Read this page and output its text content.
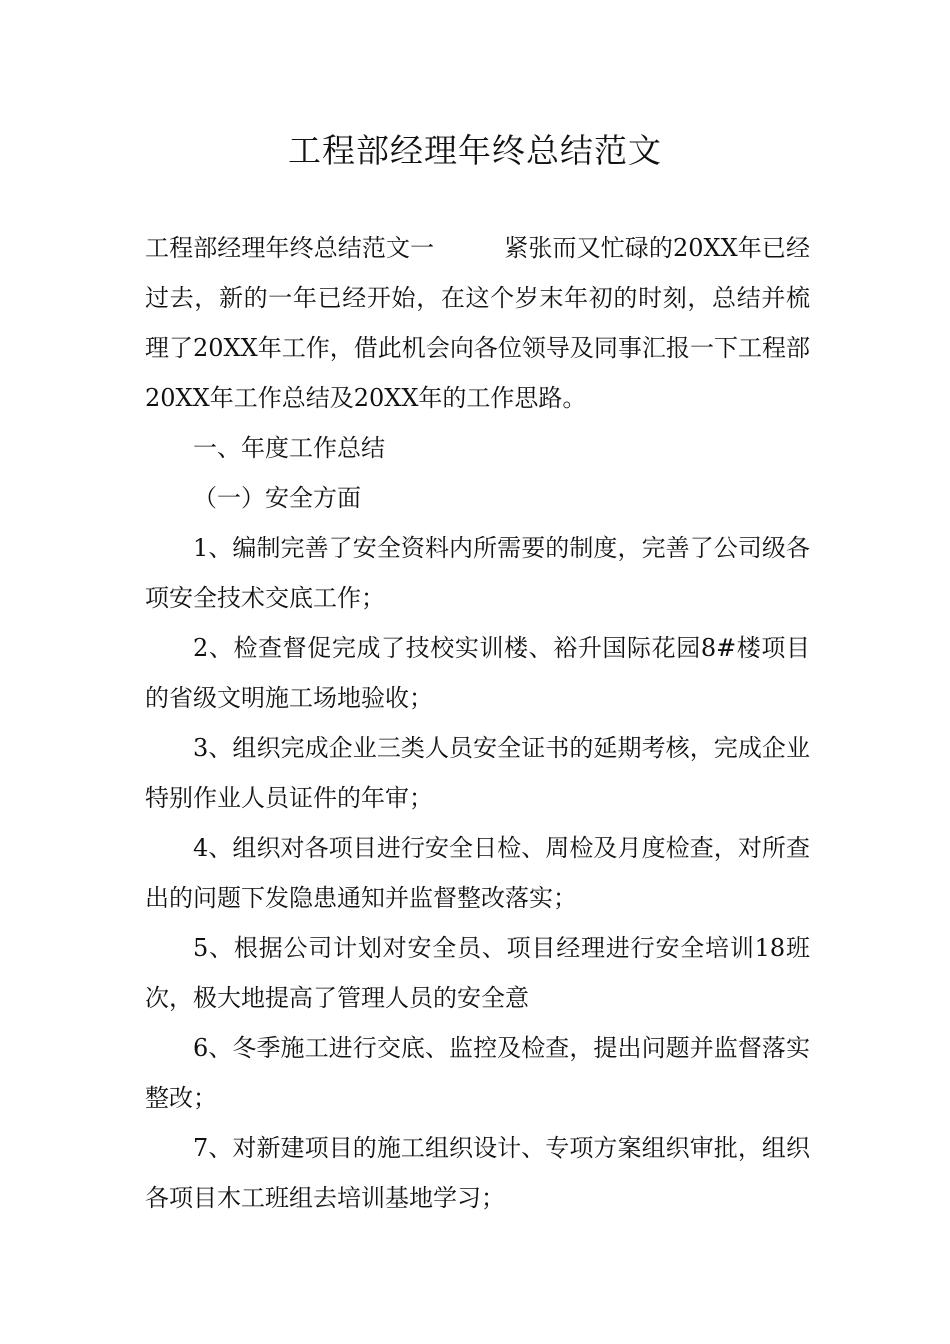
工程部经理年终总结范文

工程部经理年终总结范文一	紧张而又忙碌的20XX年已经过去，新的一年已经开始，在这个岁末年初的时刻，总结并梳理了20XX年工作，借此机会向各位领导及同事汇报一下工程部20XX年工作总结及20XX年的工作思路。

一、年度工作总结

（一）安全方面

1、编制完善了安全资料内所需要的制度，完善了公司级各项安全技术交底工作；

2、检查督促完成了技校实训楼、裕升国际花园8#楼项目的省级文明施工场地验收；

3、组织完成企业三类人员安全证书的延期考核，完成企业特别作业人员证件的年审；

4、组织对各项目进行安全日检、周检及月度检查，对所查出的问题下发隐患通知并监督整改落实；

5、根据公司计划对安全员、项目经理进行安全培训18班次，极大地提高了管理人员的安全意

6、冬季施工进行交底、监控及检查，提出问题并监督落实整改；

7、对新建项目的施工组织设计、专项方案组织审批，组织各项目木工班组去培训基地学习；
